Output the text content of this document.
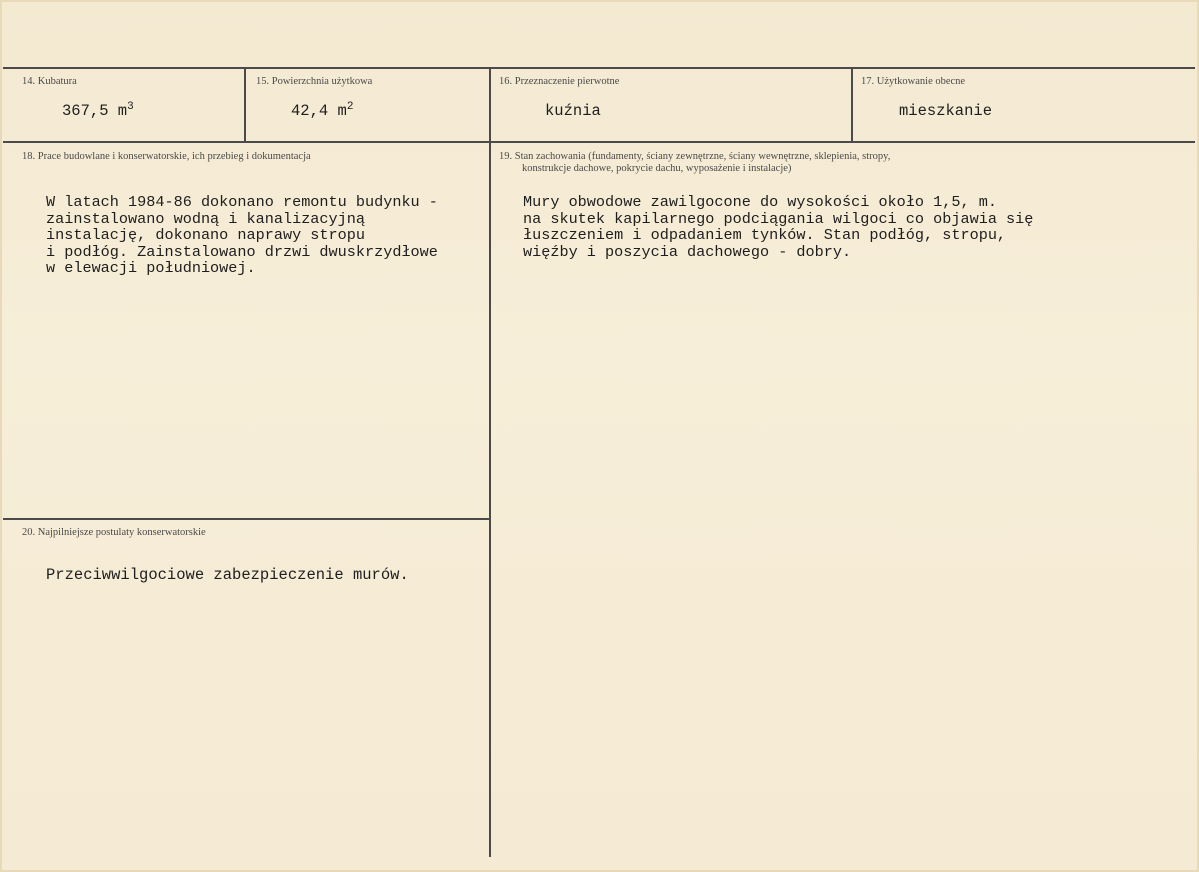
14. Kubatura
367,5 $m^3$
15. Powierzchnia użytkowa
42,4 $m^2$
16. Przeznaczenie pierwotne
kuźnia
17. Użytkowanie obecne
mieszkanie
18. Prace budowlane i konserwatorskie, ich przebieg i dokumentacja
W latach 1984-86 dokonano remontu budynku -
zainstalowano wodną i kanalizacyjną
instalację, dokonano naprawy stropu
i podłóg. Zainstalowano drzwi dwuskrzydłowe
w elewacji południowej.
19. Stan zachowania (fundamenty, ściany zewnętrzne, ściany wewnętrzne, sklepienia, stropy,
konstrukcje dachowe, pokrycie dachu, wyposażenie i instalacje)
Mury obwodowe zawilgocone do wysokości około 1,5, m.
na skutek kapilarnego podciągania wilgoci co objawia się
łuszczeniem i odpadaniem tynków. Stan podłóg, stropu,
więźby i poszycia dachowego - dobry.
20. Najpilniejsze postulaty konserwatorskie
Przeciwwilgociowe zabezpieczenie murów.
